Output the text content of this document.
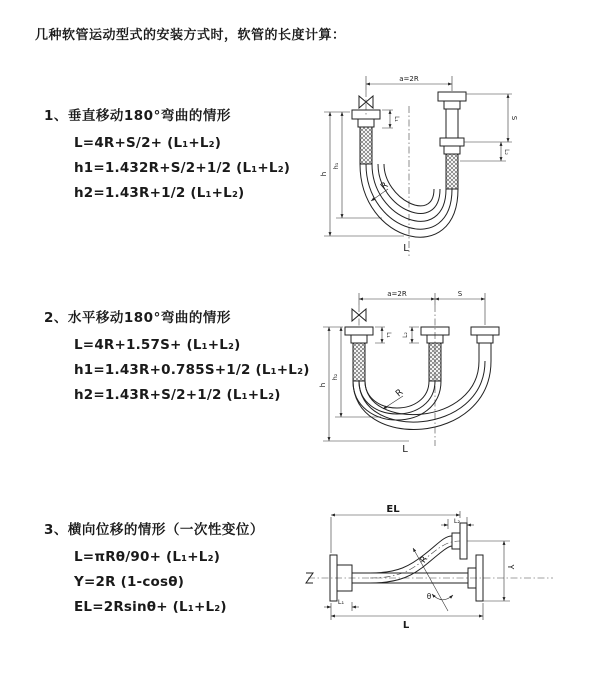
几种软管运动型式的安装方式时，软管的长度计算：
1、垂直移动180°弯曲的情形
L=4R+S/2+ (L₁+L₂)
h1=1.432R+S/2+1/2 (L₁+L₂)
h2=1.43R+1/2 (L₁+L₂)
2、水平移动180°弯曲的情形
L=4R+1.57S+ (L₁+L₂)
h1=1.43R+0.785S+1/2 (L₁+L₂)
h2=1.43R+S/2+1/2 (L₁+L₂)
3、横向位移的情形（一次性变位）
L=πRθ/90+ (L₁+L₂)
Y=2R (1-cosθ)
EL=2Rsinθ+ (L₁+L₂)
a=2R
S
L₂
L₁
h
h₁
R
L
a=2R	S
L₁ L₂
h
h₂
R
L
EL
L₂
Y
R
θ
L
L₁
